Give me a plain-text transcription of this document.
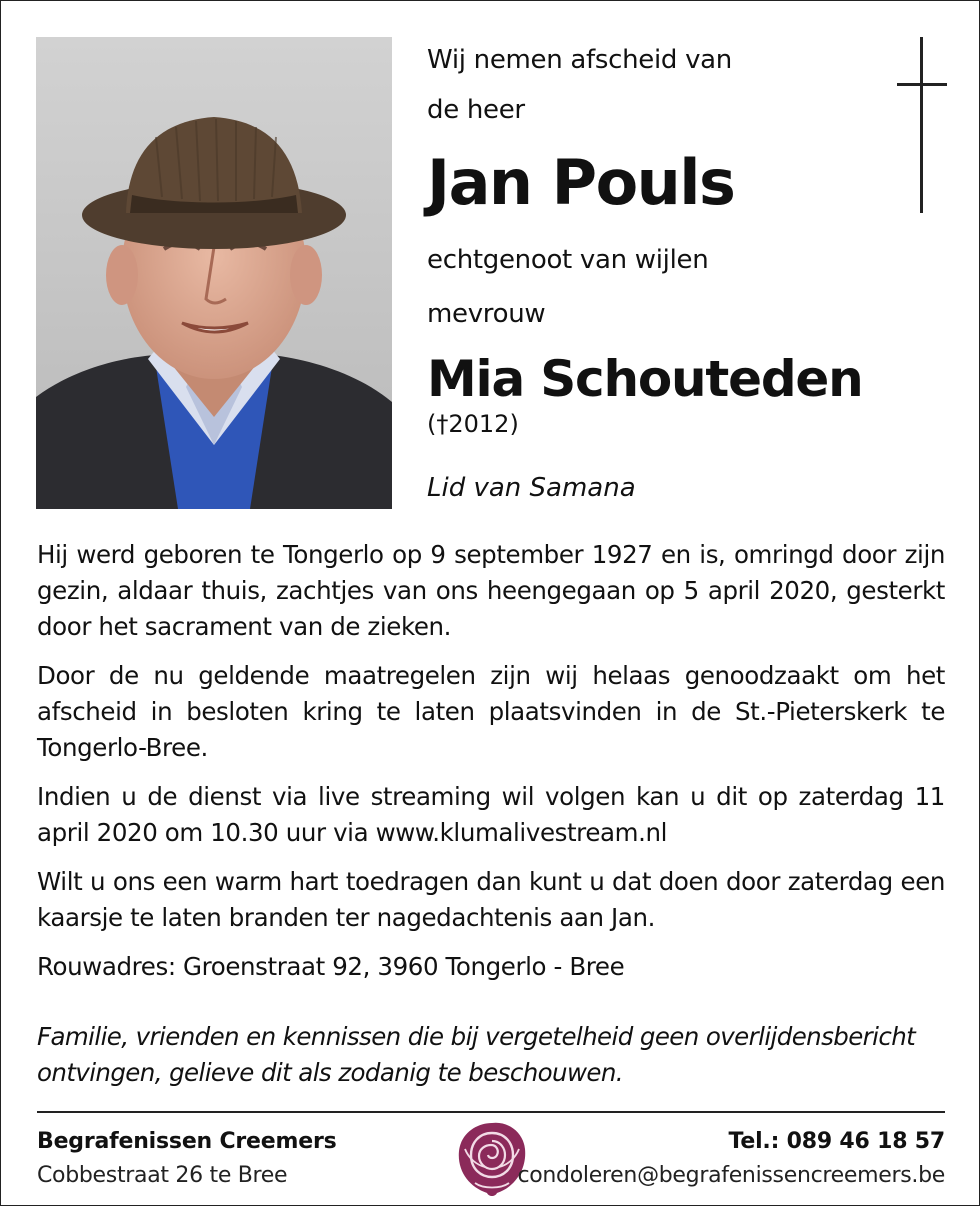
Wij nemen afscheid van

de heer

Jan Pouls

echtgenoot van wijlen

mevrouw

Mia Schouteden
(†2012)
Lid van Samana

Hij werd geboren te Tongerlo op 9 september 1927 en is, omringd door zijn gezin, aldaar thuis, zachtjes van ons heengegaan op 5 april 2020, gesterkt door het sacrament van de zieken.

Door de nu geldende maatregelen zijn wij helaas genoodzaakt om het afscheid in besloten kring te laten plaatsvinden in de St.-Pieterskerk te Tongerlo-Bree.

Indien u de dienst via live streaming wil volgen kan u dit op zaterdag 11 april 2020 om 10.30 uur via www.klumalivestream.nl

Wilt u ons een warm hart toedragen dan kunt u dat doen door zaterdag een kaarsje te laten branden ter nagedachtenis aan Jan.

Rouwadres: Groenstraat 92, 3960 Tongerlo - Bree

Familie, vrienden en kennissen die bij vergetelheid geen overlijdensbericht ontvingen, gelieve dit als zodanig te beschouwen.

Begrafenissen Creemers
Cobbestraat 26 te Bree
Tel.: 089 46 18 57
condoleren@begrafenissencreemers.be
